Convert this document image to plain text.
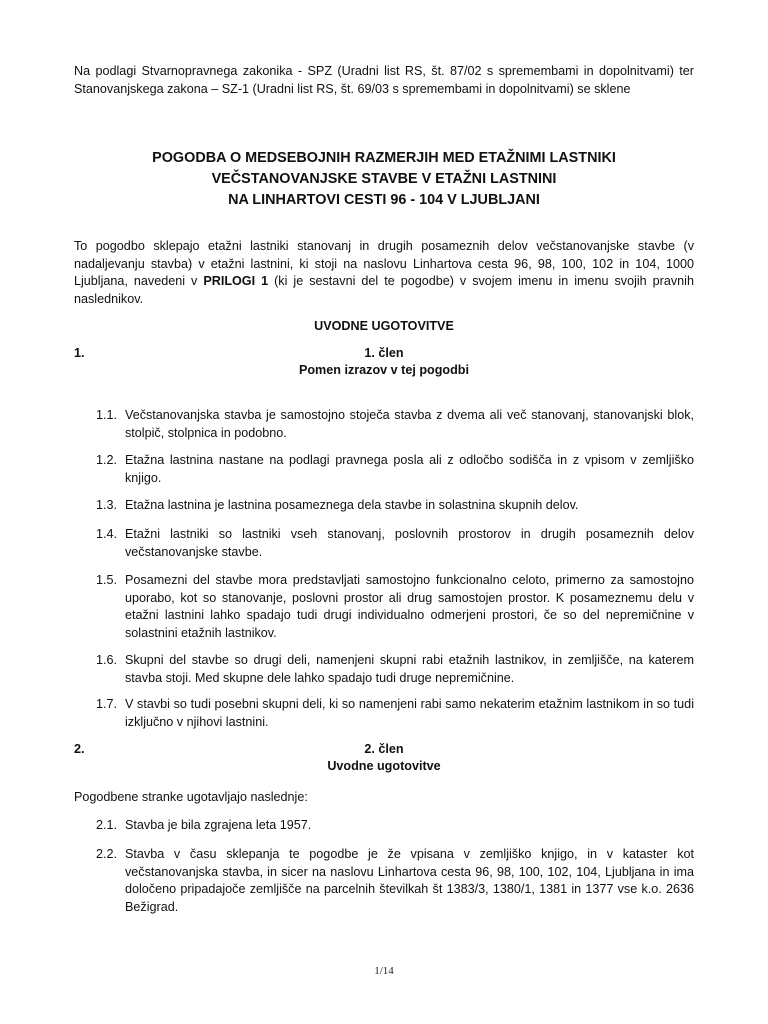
Na podlagi Stvarnopravnega zakonika - SPZ (Uradni list RS, št. 87/02 s spremembami in dopolnitvami) ter Stanovanjskega zakona – SZ-1 (Uradni list RS, št. 69/03 s spremembami in dopolnitvami) se sklene

POGODBA O MEDSEBOJNIH RAZMERJIH MED ETAŽNIMI LASTNIKI
VEČSTANOVANJSKE STAVBE V ETAŽNI LASTNINI
NA LINHARTOVI CESTI 96 - 104 V LJUBLJANI

To pogodbo sklepajo etažni lastniki stanovanj in drugih posameznih delov večstanovanjske stavbe (v nadaljevanju stavba) v etažni lastnini, ki stoji na naslovu Linhartova cesta 96, 98, 100, 102 in 104, 1000 Ljubljana, navedeni v PRILOGI 1 (ki je sestavni del te pogodbe) v svojem imenu in imenu svojih pravnih naslednikov.

UVODNE UGOTOVITVE
1.	1. člen
Pomen izrazov v tej pogodbi
1.1. Večstanovanjska stavba je samostojno stoječa stavba z dvema ali več stanovanj, stanovanjski blok, stolpič, stolpnica in podobno.
1.2. Etažna lastnina nastane na podlagi pravnega posla ali z odločbo sodišča in z vpisom v zemljiško knjigo.
1.3. Etažna lastnina je lastnina posameznega dela stavbe in solastnina skupnih delov.
1.4. Etažni lastniki so lastniki vseh stanovanj, poslovnih prostorov in drugih posameznih delov večstanovanjske stavbe.
1.5. Posamezni del stavbe mora predstavljati samostojno funkcionalno celoto, primerno za samostojno uporabo, kot so stanovanje, poslovni prostor ali drug samostojen prostor. K posameznemu delu v etažni lastnini lahko spadajo tudi drugi individualno odmerjeni prostori, če so del nepremičnine v solastnini etažnih lastnikov.
1.6. Skupni del stavbe so drugi deli, namenjeni skupni rabi etažnih lastnikov, in zemljišče, na katerem stavba stoji. Med skupne dele lahko spadajo tudi druge nepremičnine.
1.7. V stavbi so tudi posebni skupni deli, ki so namenjeni rabi samo nekaterim etažnim lastnikom in so tudi izključno v njihovi lastnini.
2.	2. člen
Uvodne ugotovitve

Pogodbene stranke ugotavljajo naslednje:

2.1. Stavba je bila zgrajena leta 1957.
2.2. Stavba v času sklepanja te pogodbe je že vpisana v zemljiško knjigo, in v kataster kot večstanovanjska stavba, in sicer na naslovu Linhartova cesta 96, 98, 100, 102, 104, Ljubljana in ima določeno pripadajoče zemljišče na parcelnih številkah št 1383/3, 1380/1, 1381 in 1377 vse k.o. 2636 Bežigrad.
1/14
